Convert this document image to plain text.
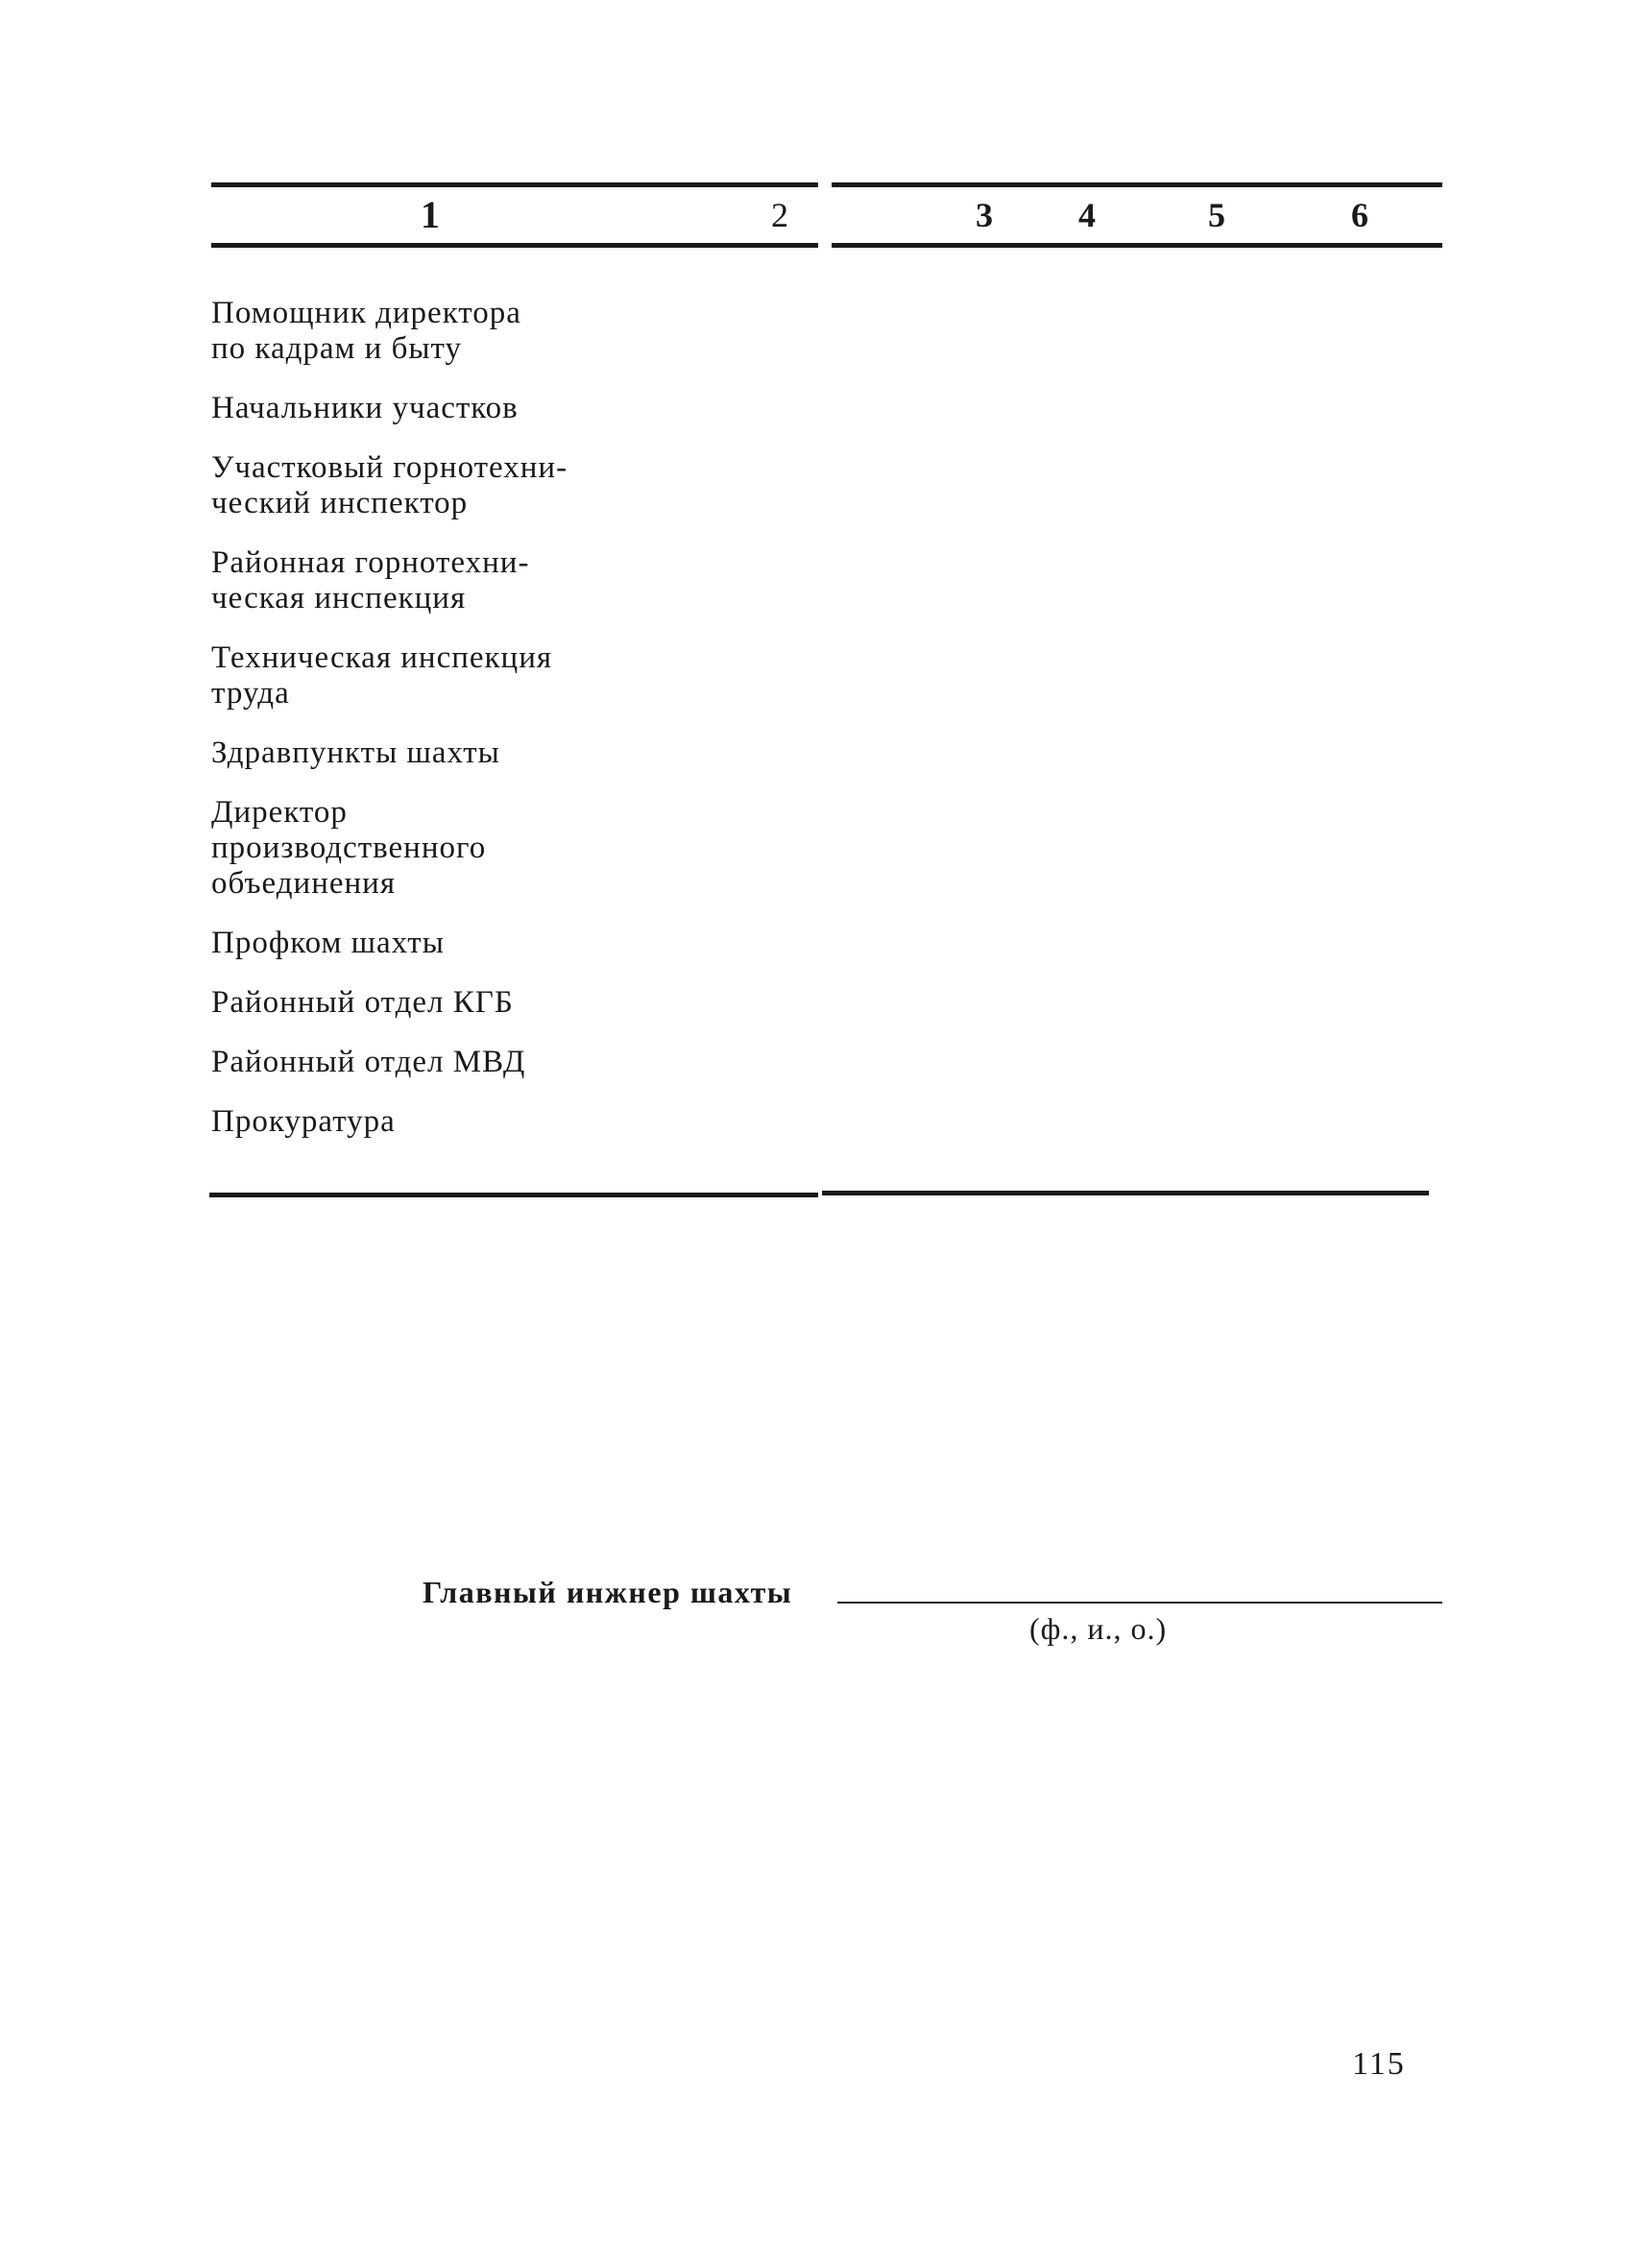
1	2	3	4	5	6
Помощник директора
по кадрам и быту
Начальники участков
Участковый горнотехни-
ческий инспектор
Районная горнотехни-
ческая инспекция
Техническая инспекция
труда
Здравпункты шахты
Директор
производственного
объединения
Профком шахты
Районный отдел КГБ
Районный отдел МВД
Прокуратура
Главный инжнер шахты
(ф., и., о.)
115
